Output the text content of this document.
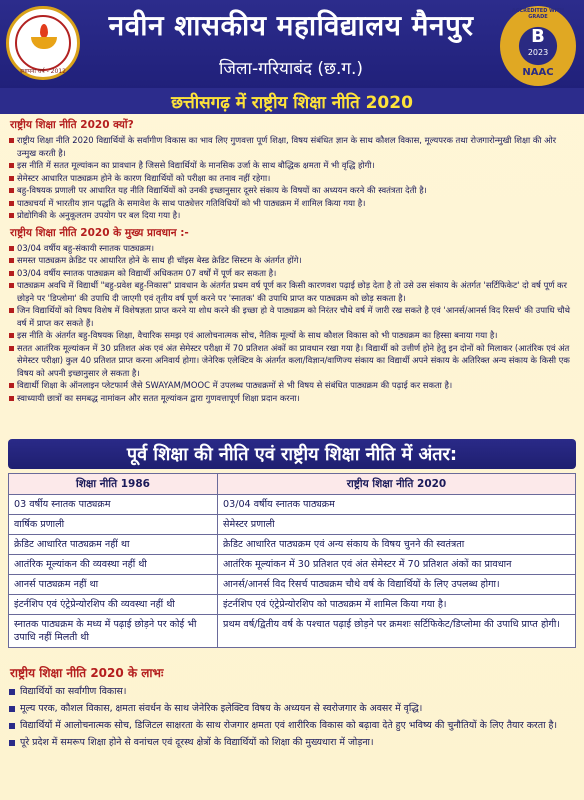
स्थापना वर्ष - 2012
नवीन शासकीय महाविद्यालय मैनपुर
जिला-गरियाबंद (छ.ग.)
ACCREDITED WITH GRADE
B
2023
NAAC
छत्तीसगढ़ में राष्ट्रीय शिक्षा नीति 2020
राष्ट्रीय शिक्षा नीति 2020 क्यों?
राष्ट्रीय शिक्षा नीति 2020 विद्यार्थियों के सर्वांगीण विकास का भाव लिए गुणवत्ता पूर्ण शिक्षा, विषय संबंधित ज्ञान के साथ कौशल विकास, मूल्यपरक तथा रोजगारोन्मुखी शिक्षा की ओर उन्मुख करती है।
इस नीति में सतत मूल्यांकन का प्रावधान है जिससे विद्यार्थियों के मानसिक उर्जा के साथ बौद्धिक क्षमता में भी वृद्धि होगी।
सेमेस्टर आधारित पाठ्यक्रम होने के कारण विद्यार्थियों को परीक्षा का तनाव नहीं रहेगा।
बहु-विषयक प्रणाली पर आधारित यह नीति विद्यार्थियों को उनकी इच्छानुसार दूसरे संकाय के विषयों का अध्ययन करने की स्वतंत्रता देती है।
पाठ्यचर्या में भारतीय ज्ञान पद्धति के समावेश के साथ पाठ्येत्तर गतिविधियों को भी पाठ्यक्रम में शामिल किया गया है।
प्रोद्योगिकी के अनुकूलतम उपयोग पर बल दिया गया है।
राष्ट्रीय शिक्षा नीति 2020 के मुख्य प्रावधान :-
03/04 वर्षीय बहु-संकायी स्नातक पाठ्यक्रम।
समस्त पाठ्यक्रम क्रेडिट पर आधारित होने के साथ ही चॉइस बेस्ड क्रेडिट सिस्टम के अंतर्गत होंगे।
03/04 वर्षीय स्नातक पाठ्यक्रम को विद्यार्थी अधिकतम 07 वर्षों में पूर्ण कर सकता है।
पाठ्यक्रम अवधि में विद्यार्थी "बहु-प्रवेश बहु-निकास" प्रावधान के अंतर्गत प्रथम वर्ष पूर्ण कर किसी कारणवश पढ़ाई छोड़ देता है तो उसे उस संकाय के अंतर्गत 'सर्टिफिकेट' दो वर्ष पूर्ण कर छोड़ने पर 'डिप्लोमा' की उपाधि दी जाएगी एवं तृतीय वर्ष पूर्ण करने पर 'स्नातक' की उपाधि प्राप्त कर पाठ्यक्रम को छोड़ सकता है।
जिन विद्यार्थियों को विषय विशेष में विशेषज्ञता प्राप्त करने या शोध करने की इच्छा हो वे पाठ्यक्रम को निरंतर चौथे वर्ष में जारी रख सकते है एवं 'आनर्स/आनर्स विद रिसर्च' की उपाधि चौथे वर्ष में प्राप्त कर सकते हैं।
इस नीति के अंतर्गत बहु-विषयक शिक्षा, वैचारिक समझ एवं आलोचनात्मक सोच, नैतिक मूल्यों के साथ कौशल विकास को भी पाठ्यक्रम का हिस्सा बनाया गया है।
सतत आतंरिक मूल्यांकन में 30 प्रतिशत अंक एवं अंत सेमेस्टर परीक्षा में 70 प्रतिशत अंकों का प्रावधान रखा गया है। विद्यार्थी को उत्तीर्ण होने हेतु इन दोनों को मिलाकर (आतंरिक एवं अंत सेमेस्टर परीक्षा) कुल 40 प्रतिशत प्राप्त करना अनिवार्य होगा। जेनेरिक एलेक्टिव के अंतर्गत कला/विज्ञान/वाणिज्य संकाय का विद्यार्थी अपने संकाय के अतिरिक्त अन्य संकाय के किसी एक विषय को अपनी इच्छानुसार ले सकता है।
विद्यार्थी शिक्षा के ऑनलाइन प्लेटफार्म जैसे SWAYAM/MOOC में उपलब्ध पाठ्यक्रमों से भी विषय से संबंधित पाठ्यक्रम की पढ़ाई कर सकता है।
स्वाध्यायी छात्रों का समबद्ध नामांकन और सतत मूल्यांकन द्वारा गुणवत्तापूर्ण शिक्षा प्रदान करना।
पूर्व शिक्षा की नीति एवं राष्ट्रीय शिक्षा नीति में अंतर:
शिक्षा नीति 1986	राष्ट्रीय शिक्षा नीति 2020
03 वर्षीय स्नातक पाठ्यक्रम	03/04 वर्षीय स्नातक पाठ्यक्रम
वार्षिक प्रणाली	सेमेस्टर प्रणाली
क्रेडिट आधारित पाठ्यक्रम नहीं था	क्रेडिट आधारित पाठ्यक्रम एवं अन्य संकाय के विषय चुनने की स्वतंत्रता
आतंरिक मूल्यांकन की व्यवस्था नहीं थी	आतंरिक मूल्यांकन में 30 प्रतिशत एवं अंत सेमेस्टर में 70 प्रतिशत अंकों का प्रावधान
आनर्स पाठ्यक्रम नहीं था	आनर्स/आनर्स विद रिसर्च पाठ्यक्रम चौथे वर्ष के विद्यार्थियों के लिए उपलब्ध होगा।
इंटर्नशिप एवं एंट्रेप्रेन्योरशिप की व्यवस्था नहीं थी	इंटर्नशिप एवं एंट्रेप्रेन्योरशिप को पाठ्यक्रम में शामिल किया गया है।
स्नातक पाठ्यक्रम के मध्य में पढ़ाई छोड़ने पर कोई भी उपाधि नहीं मिलती थी	प्रथम वर्ष/द्वितीय वर्ष के पश्चात पढ़ाई छोड़ने पर क्रमशः सर्टिफिकेट/डिप्लोमा की उपाधि प्राप्त होगी।
राष्ट्रीय शिक्षा नीति 2020 के लाभः
विद्यार्थियों का सर्वांगीण विकास।
मूल्य परक, कौशल विकास, क्षमता संवर्धन के साथ जेनेरिक इलेक्टिव विषय के अध्ययन से स्वरोजगार के अवसर में वृद्धि।
विद्यार्थियों में आलोचनात्मक सोच, डिजिटल साक्षरता के साथ रोजगार क्षमता एवं शारीरिक विकास को बढ़ावा देते हुए भविष्य की चुनौतियों के लिए तैयार करता है।
पूरे प्रदेश में समरूप शिक्षा होने से वनांचल एवं दूरस्थ क्षेत्रों के विद्यार्थियों को शिक्षा की मुख्यधारा में जोड़ना।
